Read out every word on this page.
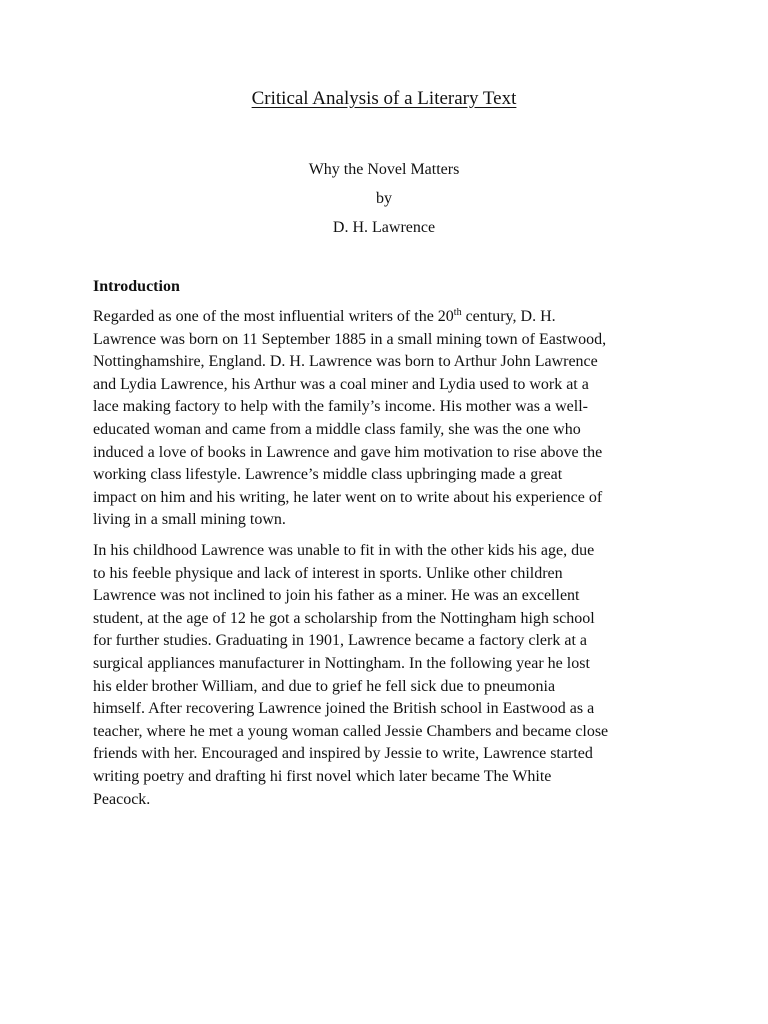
Critical Analysis of a Literary Text

Why the Novel Matters

by

D. H. Lawrence

Introduction

Regarded as one of the most influential writers of the 20th century, D. H.
Lawrence was born on 11 September 1885 in a small mining town of Eastwood,
Nottinghamshire, England. D. H. Lawrence was born to Arthur John Lawrence
and Lydia Lawrence, his Arthur was a coal miner and Lydia used to work at a
lace making factory to help with the family’s income. His mother was a well-
educated woman and came from a middle class family, she was the one who
induced a love of books in Lawrence and gave him motivation to rise above the
working class lifestyle. Lawrence’s middle class upbringing made a great
impact on him and his writing, he later went on to write about his experience of
living in a small mining town.

In his childhood Lawrence was unable to fit in with the other kids his age, due
to his feeble physique and lack of interest in sports. Unlike other children
Lawrence was not inclined to join his father as a miner. He was an excellent
student, at the age of 12 he got a scholarship from the Nottingham high school
for further studies. Graduating in 1901, Lawrence became a factory clerk at a
surgical appliances manufacturer in Nottingham. In the following year he lost
his elder brother William, and due to grief he fell sick due to pneumonia
himself. After recovering Lawrence joined the British school in Eastwood as a
teacher, where he met a young woman called Jessie Chambers and became close
friends with her. Encouraged and inspired by Jessie to write, Lawrence started
writing poetry and drafting hi first novel which later became The White
Peacock.
